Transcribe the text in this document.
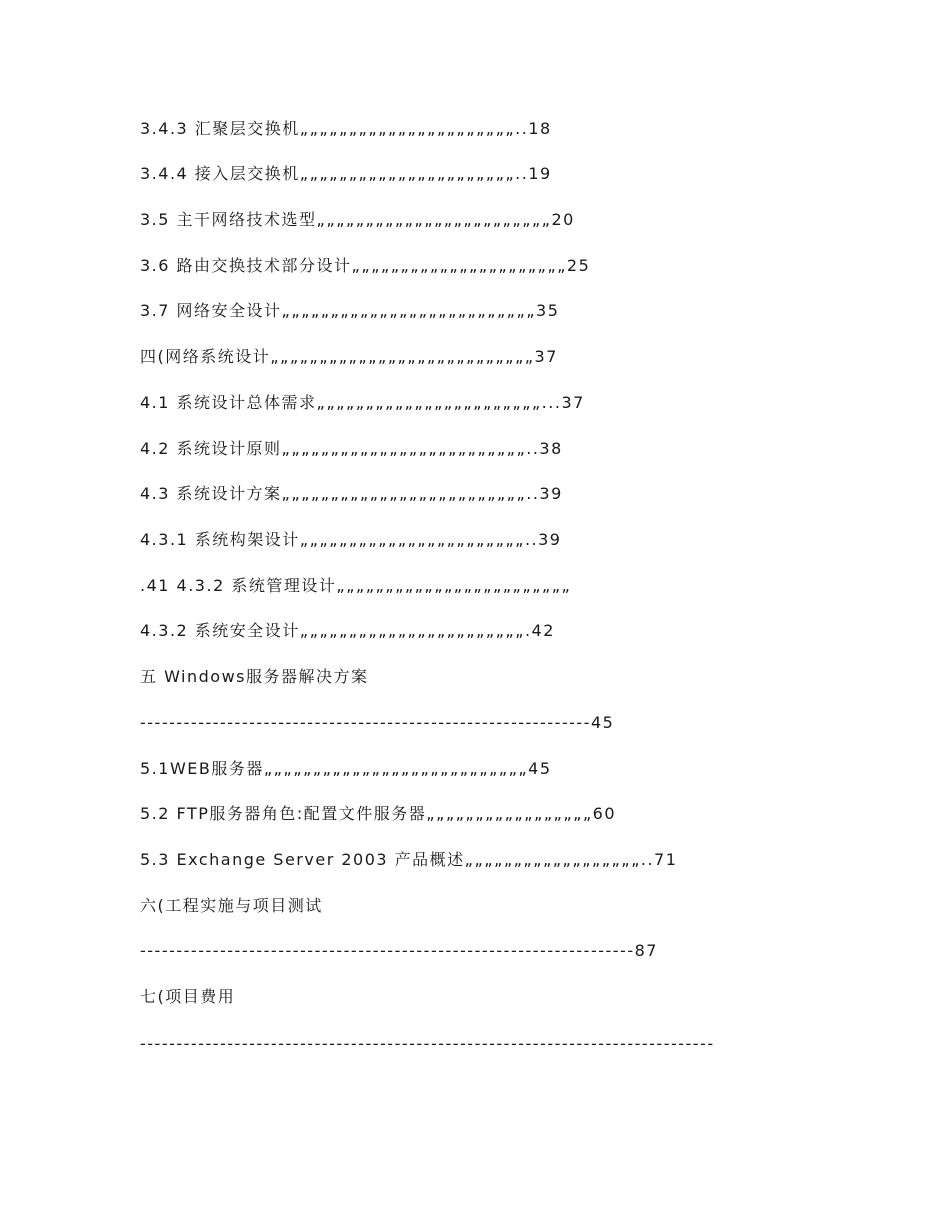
3.4.3 汇聚层交换机„„„„„„„„„„„„„„„„„„„„„„..18
3.4.4 接入层交换机„„„„„„„„„„„„„„„„„„„„„„..19
3.5 主干网络技术选型„„„„„„„„„„„„„„„„„„„„„„„„20
3.6 路由交换技术部分设计„„„„„„„„„„„„„„„„„„„„„„25
3.7 网络安全设计„„„„„„„„„„„„„„„„„„„„„„„„„„35
四(网络系统设计„„„„„„„„„„„„„„„„„„„„„„„„„„„37
4.1 系统设计总体需求„„„„„„„„„„„„„„„„„„„„„„„...37
4.2 系统设计原则„„„„„„„„„„„„„„„„„„„„„„„„„..38
4.3 系统设计方案„„„„„„„„„„„„„„„„„„„„„„„„„..39
4.3.1 系统构架设计„„„„„„„„„„„„„„„„„„„„„„„..39
.41 4.3.2 系统管理设计„„„„„„„„„„„„„„„„„„„„„„„„
4.3.2 系统安全设计„„„„„„„„„„„„„„„„„„„„„„„.42
五 Windows服务器解决方案
--------------------------------------------------------------45
5.1WEB服务器„„„„„„„„„„„„„„„„„„„„„„„„„„„45
5.2 FTP服务器角色:配置文件服务器„„„„„„„„„„„„„„„„„60
5.3 Exchange Server 2003 产品概述„„„„„„„„„„„„„„„„„„..71
六(工程实施与项目测试
--------------------------------------------------------------------87
七(项目费用
-------------------------------------------------------------------------------
